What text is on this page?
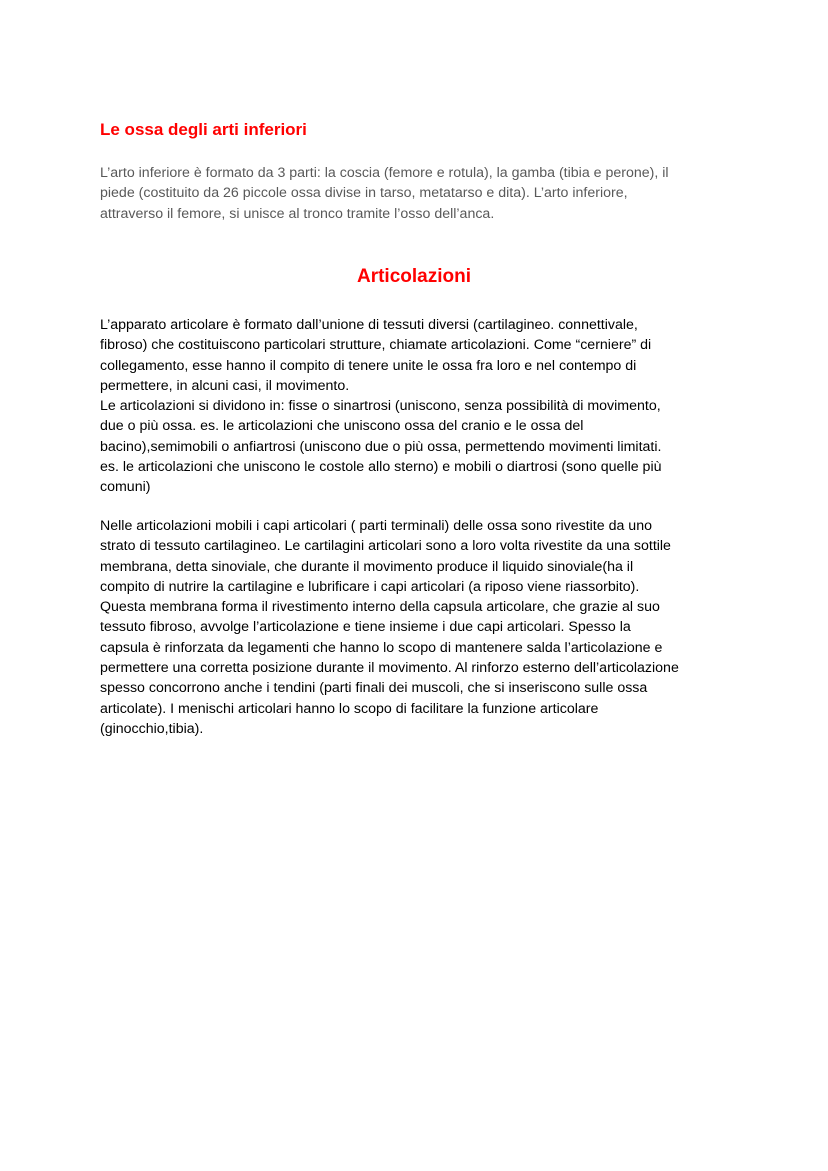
Le ossa degli arti inferiori

L’arto inferiore è formato da 3 parti: la coscia (femore e rotula), la gamba (tibia e perone), il
piede (costituito da 26 piccole ossa divise in tarso, metatarso e dita). L’arto inferiore,
attraverso il femore, si unisce al tronco tramite l’osso dell’anca.

Articolazioni

L’apparato articolare è formato dall’unione di tessuti diversi (cartilagineo. connettivale,
fibroso) che costituiscono particolari strutture, chiamate articolazioni. Come “cerniere” di
collegamento, esse hanno il compito di tenere unite le ossa fra loro e nel contempo di
permettere, in alcuni casi, il movimento.
Le articolazioni si dividono in: fisse o sinartrosi (uniscono, senza possibilità di movimento,
due o più ossa. es. le articolazioni che uniscono ossa del cranio e le ossa del
bacino),semimobili o anfiartrosi (uniscono due o più ossa, permettendo movimenti limitati.
es. le articolazioni che uniscono le costole allo sterno) e mobili o diartrosi (sono quelle più
comuni)

Nelle articolazioni mobili i capi articolari ( parti terminali) delle ossa sono rivestite da uno
strato di tessuto cartilagineo. Le cartilagini articolari sono a loro volta rivestite da una sottile
membrana, detta sinoviale, che durante il movimento produce il liquido sinoviale(ha il
compito di nutrire la cartilagine e lubrificare i capi articolari (a riposo viene riassorbito).
Questa membrana forma il rivestimento interno della capsula articolare, che grazie al suo
tessuto fibroso, avvolge l’articolazione e tiene insieme i due capi articolari. Spesso la
capsula è rinforzata da legamenti che hanno lo scopo di mantenere salda l’articolazione e
permettere una corretta posizione durante il movimento. Al rinforzo esterno dell’articolazione
spesso concorrono anche i tendini (parti finali dei muscoli, che si inseriscono sulle ossa
articolate). I menischi articolari hanno lo scopo di facilitare la funzione articolare
(ginocchio,tibia).
